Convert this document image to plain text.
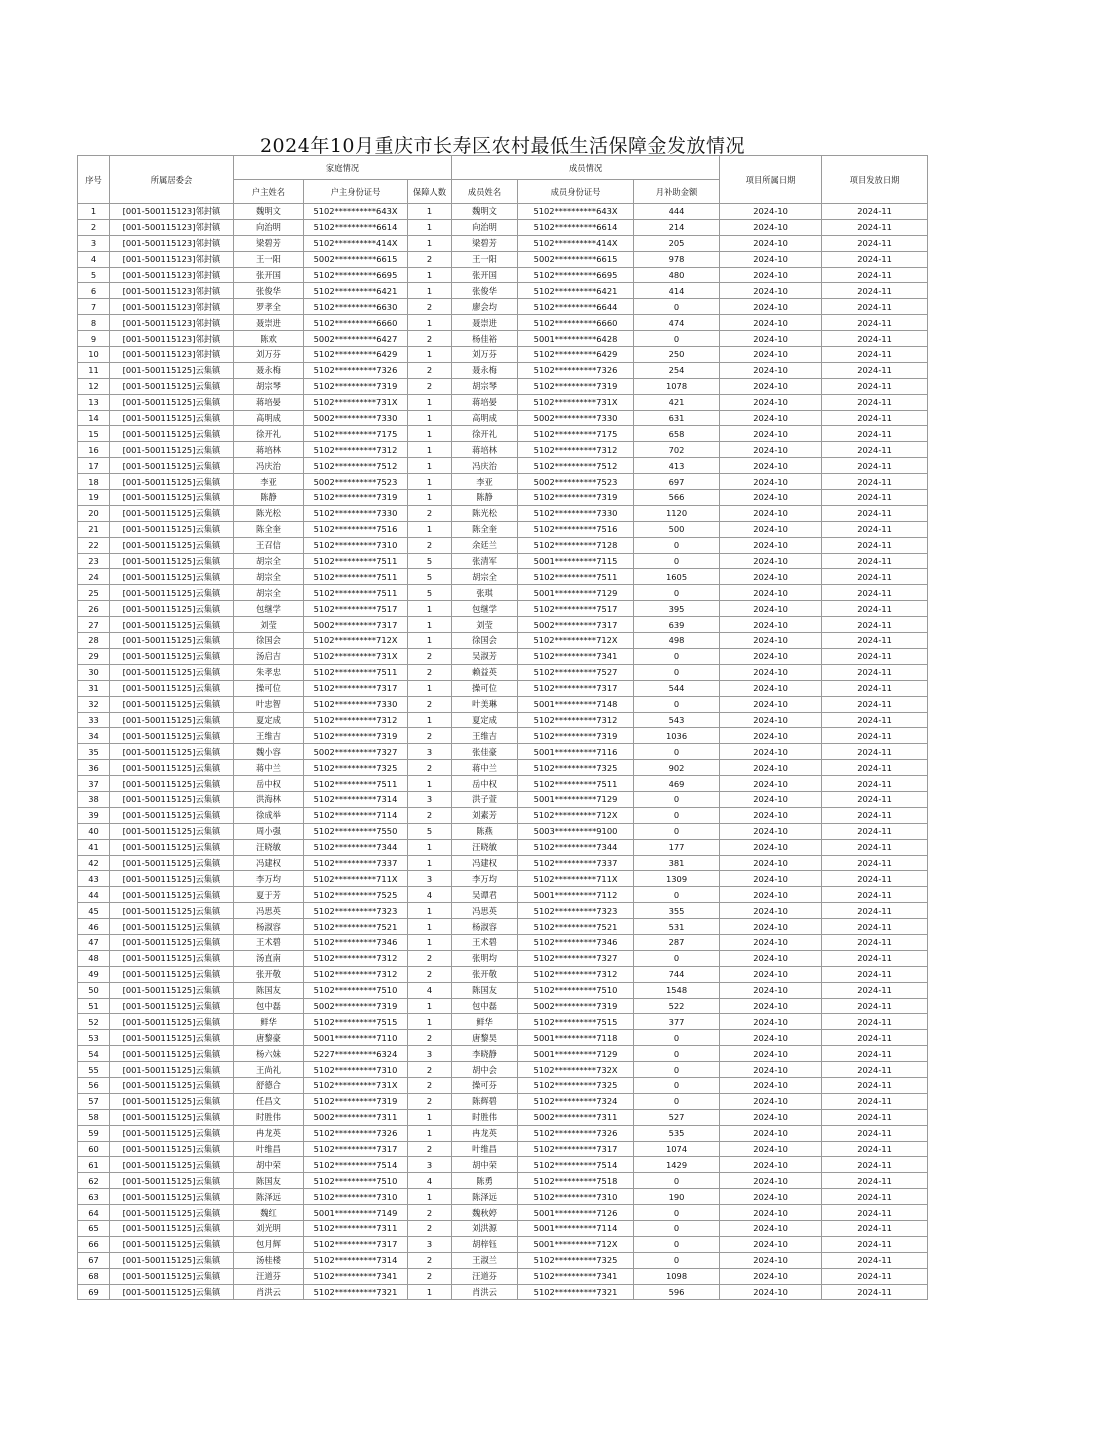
2024年10月重庆市长寿区农村最低生活保障金发放情况
序号	所属居委会	家庭情况			成员情况			项目所属日期	项目发放日期
		户主姓名	户主身份证号	保障人数	成员姓名	成员身份证号	月补助金额		
1	[001-500115123]邻封镇	魏明文	5102**********643X	1	魏明文	5102**********643X	444	2024-10	2024-11
2	[001-500115123]邻封镇	向治明	5102**********6614	1	向治明	5102**********6614	214	2024-10	2024-11
3	[001-500115123]邻封镇	梁碧芳	5102**********414X	1	梁碧芳	5102**********414X	205	2024-10	2024-11
4	[001-500115123]邻封镇	王一阳	5002**********6615	2	王一阳	5002**********6615	978	2024-10	2024-11
5	[001-500115123]邻封镇	张开国	5102**********6695	1	张开国	5102**********6695	480	2024-10	2024-11
6	[001-500115123]邻封镇	张俊华	5102**********6421	1	张俊华	5102**********6421	414	2024-10	2024-11
7	[001-500115123]邻封镇	罗孝全	5102**********6630	2	廖会均	5102**********6644	0	2024-10	2024-11
8	[001-500115123]邻封镇	聂崇进	5102**********6660	1	聂崇进	5102**********6660	474	2024-10	2024-11
9	[001-500115123]邻封镇	陈欢	5002**********6427	2	杨佳裕	5001**********6428	0	2024-10	2024-11
10	[001-500115123]邻封镇	刘万芬	5102**********6429	1	刘万芬	5102**********6429	250	2024-10	2024-11
11	[001-500115125]云集镇	聂永梅	5102**********7326	2	聂永梅	5102**********7326	254	2024-10	2024-11
12	[001-500115125]云集镇	胡宗琴	5102**********7319	2	胡宗琴	5102**********7319	1078	2024-10	2024-11
13	[001-500115125]云集镇	蒋培晏	5102**********731X	1	蒋培晏	5102**********731X	421	2024-10	2024-11
14	[001-500115125]云集镇	高明成	5002**********7330	1	高明成	5002**********7330	631	2024-10	2024-11
15	[001-500115125]云集镇	徐开礼	5102**********7175	1	徐开礼	5102**********7175	658	2024-10	2024-11
16	[001-500115125]云集镇	蒋培林	5102**********7312	1	蒋培林	5102**********7312	702	2024-10	2024-11
17	[001-500115125]云集镇	冯庆治	5102**********7512	1	冯庆治	5102**********7512	413	2024-10	2024-11
18	[001-500115125]云集镇	李亚	5002**********7523	1	李亚	5002**********7523	697	2024-10	2024-11
19	[001-500115125]云集镇	陈静	5102**********7319	1	陈静	5102**********7319	566	2024-10	2024-11
20	[001-500115125]云集镇	陈光松	5102**********7330	2	陈光松	5102**********7330	1120	2024-10	2024-11
21	[001-500115125]云集镇	陈全奎	5102**********7516	1	陈全奎	5102**********7516	500	2024-10	2024-11
22	[001-500115125]云集镇	王召信	5102**********7310	2	余廷兰	5102**********7128	0	2024-10	2024-11
23	[001-500115125]云集镇	胡宗全	5102**********7511	5	张清军	5001**********7115	0	2024-10	2024-11
24	[001-500115125]云集镇	胡宗全	5102**********7511	5	胡宗全	5102**********7511	1605	2024-10	2024-11
25	[001-500115125]云集镇	胡宗全	5102**********7511	5	张琪	5001**********7129	0	2024-10	2024-11
26	[001-500115125]云集镇	包继学	5102**********7517	1	包继学	5102**********7517	395	2024-10	2024-11
27	[001-500115125]云集镇	刘莹	5002**********7317	1	刘莹	5002**********7317	639	2024-10	2024-11
28	[001-500115125]云集镇	徐国会	5102**********712X	1	徐国会	5102**********712X	498	2024-10	2024-11
29	[001-500115125]云集镇	汤启吉	5102**********731X	2	吴淑芳	5102**********7341	0	2024-10	2024-11
30	[001-500115125]云集镇	朱孝忠	5102**********7511	2	赖益英	5102**********7527	0	2024-10	2024-11
31	[001-500115125]云集镇	操可位	5102**********7317	1	操可位	5102**********7317	544	2024-10	2024-11
32	[001-500115125]云集镇	叶忠智	5102**********7330	2	叶美琳	5001**********7148	0	2024-10	2024-11
33	[001-500115125]云集镇	夏定成	5102**********7312	1	夏定成	5102**********7312	543	2024-10	2024-11
34	[001-500115125]云集镇	王维吉	5102**********7319	2	王维吉	5102**********7319	1036	2024-10	2024-11
35	[001-500115125]云集镇	魏小容	5002**********7327	3	张佳豪	5001**********7116	0	2024-10	2024-11
36	[001-500115125]云集镇	蒋中兰	5102**********7325	2	蒋中兰	5102**********7325	902	2024-10	2024-11
37	[001-500115125]云集镇	岳中权	5102**********7511	1	岳中权	5102**********7511	469	2024-10	2024-11
38	[001-500115125]云集镇	洪海林	5102**********7314	3	洪子萱	5001**********7129	0	2024-10	2024-11
39	[001-500115125]云集镇	徐成举	5102**********7114	2	刘素芳	5102**********712X	0	2024-10	2024-11
40	[001-500115125]云集镇	周小强	5102**********7550	5	陈燕	5003**********9100	0	2024-10	2024-11
41	[001-500115125]云集镇	汪晓敏	5102**********7344	1	汪晓敏	5102**********7344	177	2024-10	2024-11
42	[001-500115125]云集镇	冯建权	5102**********7337	1	冯建权	5102**********7337	381	2024-10	2024-11
43	[001-500115125]云集镇	李万均	5102**********711X	3	李万均	5102**********711X	1309	2024-10	2024-11
44	[001-500115125]云集镇	夏于芳	5102**********7525	4	吴谭君	5001**********7112	0	2024-10	2024-11
45	[001-500115125]云集镇	冯思英	5102**********7323	1	冯思英	5102**********7323	355	2024-10	2024-11
46	[001-500115125]云集镇	杨淑容	5102**********7521	1	杨淑容	5102**********7521	531	2024-10	2024-11
47	[001-500115125]云集镇	王术碧	5102**********7346	1	王术碧	5102**********7346	287	2024-10	2024-11
48	[001-500115125]云集镇	汤直南	5102**********7312	2	张明均	5102**********7327	0	2024-10	2024-11
49	[001-500115125]云集镇	张开敬	5102**********7312	2	张开敬	5102**********7312	744	2024-10	2024-11
50	[001-500115125]云集镇	陈国友	5102**********7510	4	陈国友	5102**********7510	1548	2024-10	2024-11
51	[001-500115125]云集镇	包中磊	5002**********7319	1	包中磊	5002**********7319	522	2024-10	2024-11
52	[001-500115125]云集镇	鲜华	5102**********7515	1	鲜华	5102**********7515	377	2024-10	2024-11
53	[001-500115125]云集镇	唐黎豪	5001**********7110	2	唐黎昊	5001**********7118	0	2024-10	2024-11
54	[001-500115125]云集镇	杨六妹	5227**********6324	3	李晓静	5001**********7129	0	2024-10	2024-11
55	[001-500115125]云集镇	王尚礼	5102**********7310	2	胡中会	5102**********732X	0	2024-10	2024-11
56	[001-500115125]云集镇	舒德合	5102**********731X	2	操可芬	5102**********7325	0	2024-10	2024-11
57	[001-500115125]云集镇	任昌文	5102**********7319	2	陈辉碧	5102**********7324	0	2024-10	2024-11
58	[001-500115125]云集镇	时胜伟	5002**********7311	1	时胜伟	5002**********7311	527	2024-10	2024-11
59	[001-500115125]云集镇	冉龙英	5102**********7326	1	冉龙英	5102**********7326	535	2024-10	2024-11
60	[001-500115125]云集镇	叶维昌	5102**********7317	2	叶维昌	5102**********7317	1074	2024-10	2024-11
61	[001-500115125]云集镇	胡中荣	5102**********7514	3	胡中荣	5102**********7514	1429	2024-10	2024-11
62	[001-500115125]云集镇	陈国友	5102**********7510	4	陈勇	5102**********7518	0	2024-10	2024-11
63	[001-500115125]云集镇	陈泽远	5102**********7310	1	陈泽远	5102**********7310	190	2024-10	2024-11
64	[001-500115125]云集镇	魏红	5001**********7149	2	魏秋婷	5001**********7126	0	2024-10	2024-11
65	[001-500115125]云集镇	刘光明	5102**********7311	2	刘洪源	5001**********7114	0	2024-10	2024-11
66	[001-500115125]云集镇	包月辉	5102**********7317	3	胡梓钰	5001**********712X	0	2024-10	2024-11
67	[001-500115125]云集镇	汤桂楼	5102**********7314	2	王淑兰	5102**********7325	0	2024-10	2024-11
68	[001-500115125]云集镇	汪道芬	5102**********7341	2	汪道芬	5102**********7341	1098	2024-10	2024-11
69	[001-500115125]云集镇	肖洪云	5102**********7321	1	肖洪云	5102**********7321	596	2024-10	2024-11
